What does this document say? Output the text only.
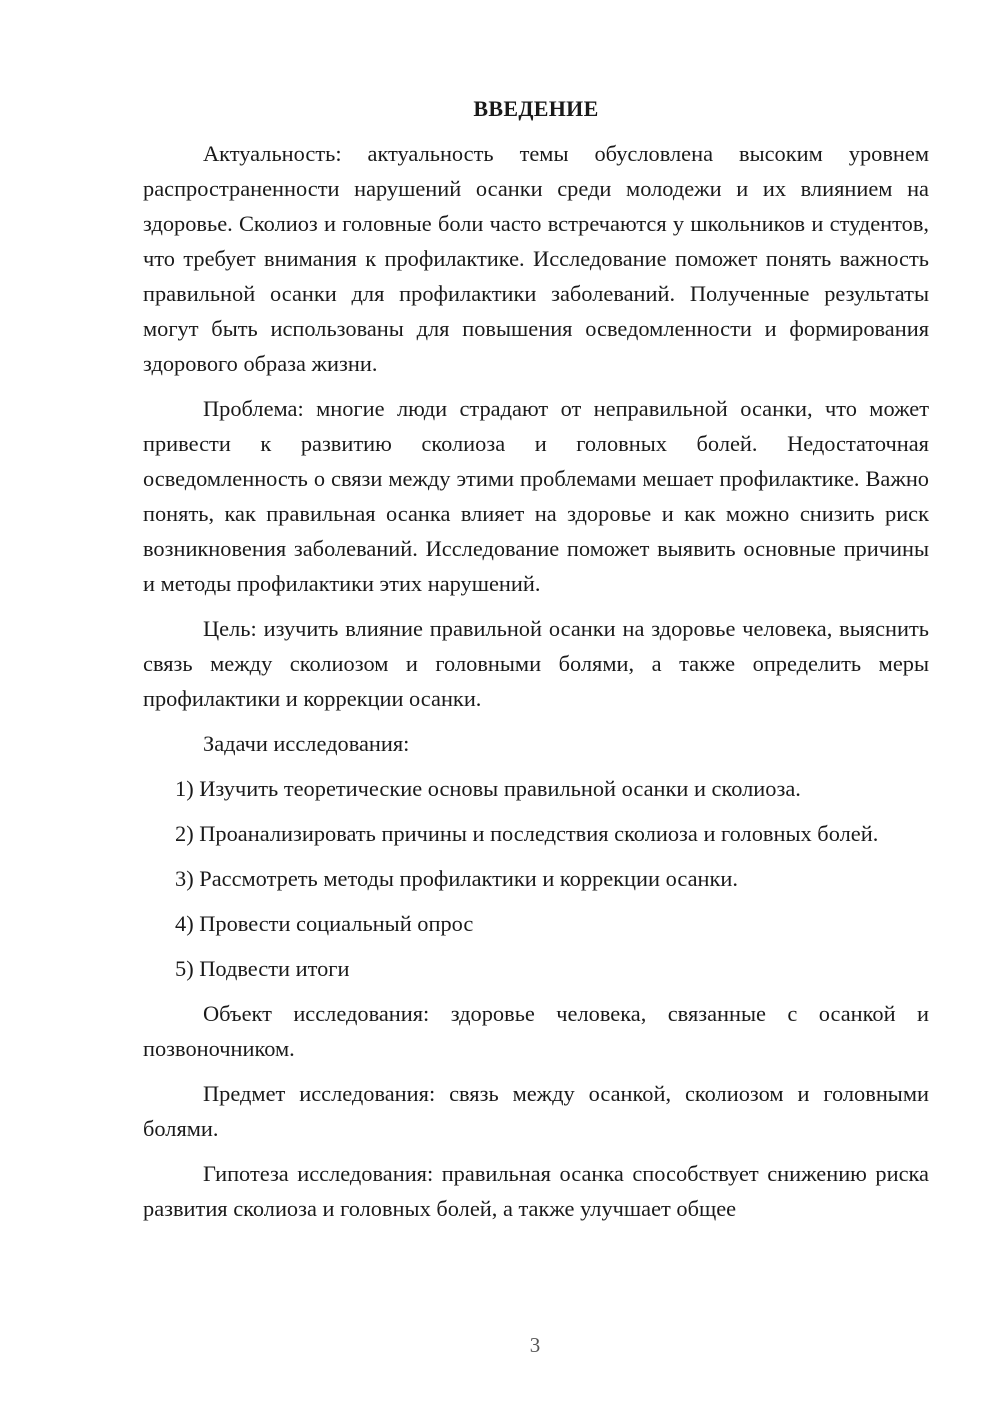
ВВЕДЕНИЕ

Актуальность: актуальность темы обусловлена высоким уровнем распространенности нарушений осанки среди молодежи и их влиянием на здоровье. Сколиоз и головные боли часто встречаются у школьников и студентов, что требует внимания к профилактике. Исследование поможет понять важность правильной осанки для профилактики заболеваний. Полученные результаты могут быть использованы для повышения осведомленности и формирования здорового образа жизни.

Проблема: многие люди страдают от неправильной осанки, что может привести к развитию сколиоза и головных болей. Недостаточная осведомленность о связи между этими проблемами мешает профилактике. Важно понять, как правильная осанка влияет на здоровье и как можно снизить риск возникновения заболеваний. Исследование поможет выявить основные причины и методы профилактики этих нарушений.

Цель: изучить влияние правильной осанки на здоровье человека, выяснить связь между сколиозом и головными болями, а также определить меры профилактики и коррекции осанки.

Задачи исследования:

1) Изучить теоретические основы правильной осанки и сколиоза.

2) Проанализировать причины и последствия сколиоза и головных болей.

3) Рассмотреть методы профилактики и коррекции осанки.

4) Провести социальный опрос

5) Подвести итоги

Объект исследования: здоровье человека, связанные с осанкой и позвоночником.

Предмет исследования: связь между осанкой, сколиозом и головными болями.

Гипотеза исследования: правильная осанка способствует снижению риска развития сколиоза и головных болей, а также улучшает общее

3
